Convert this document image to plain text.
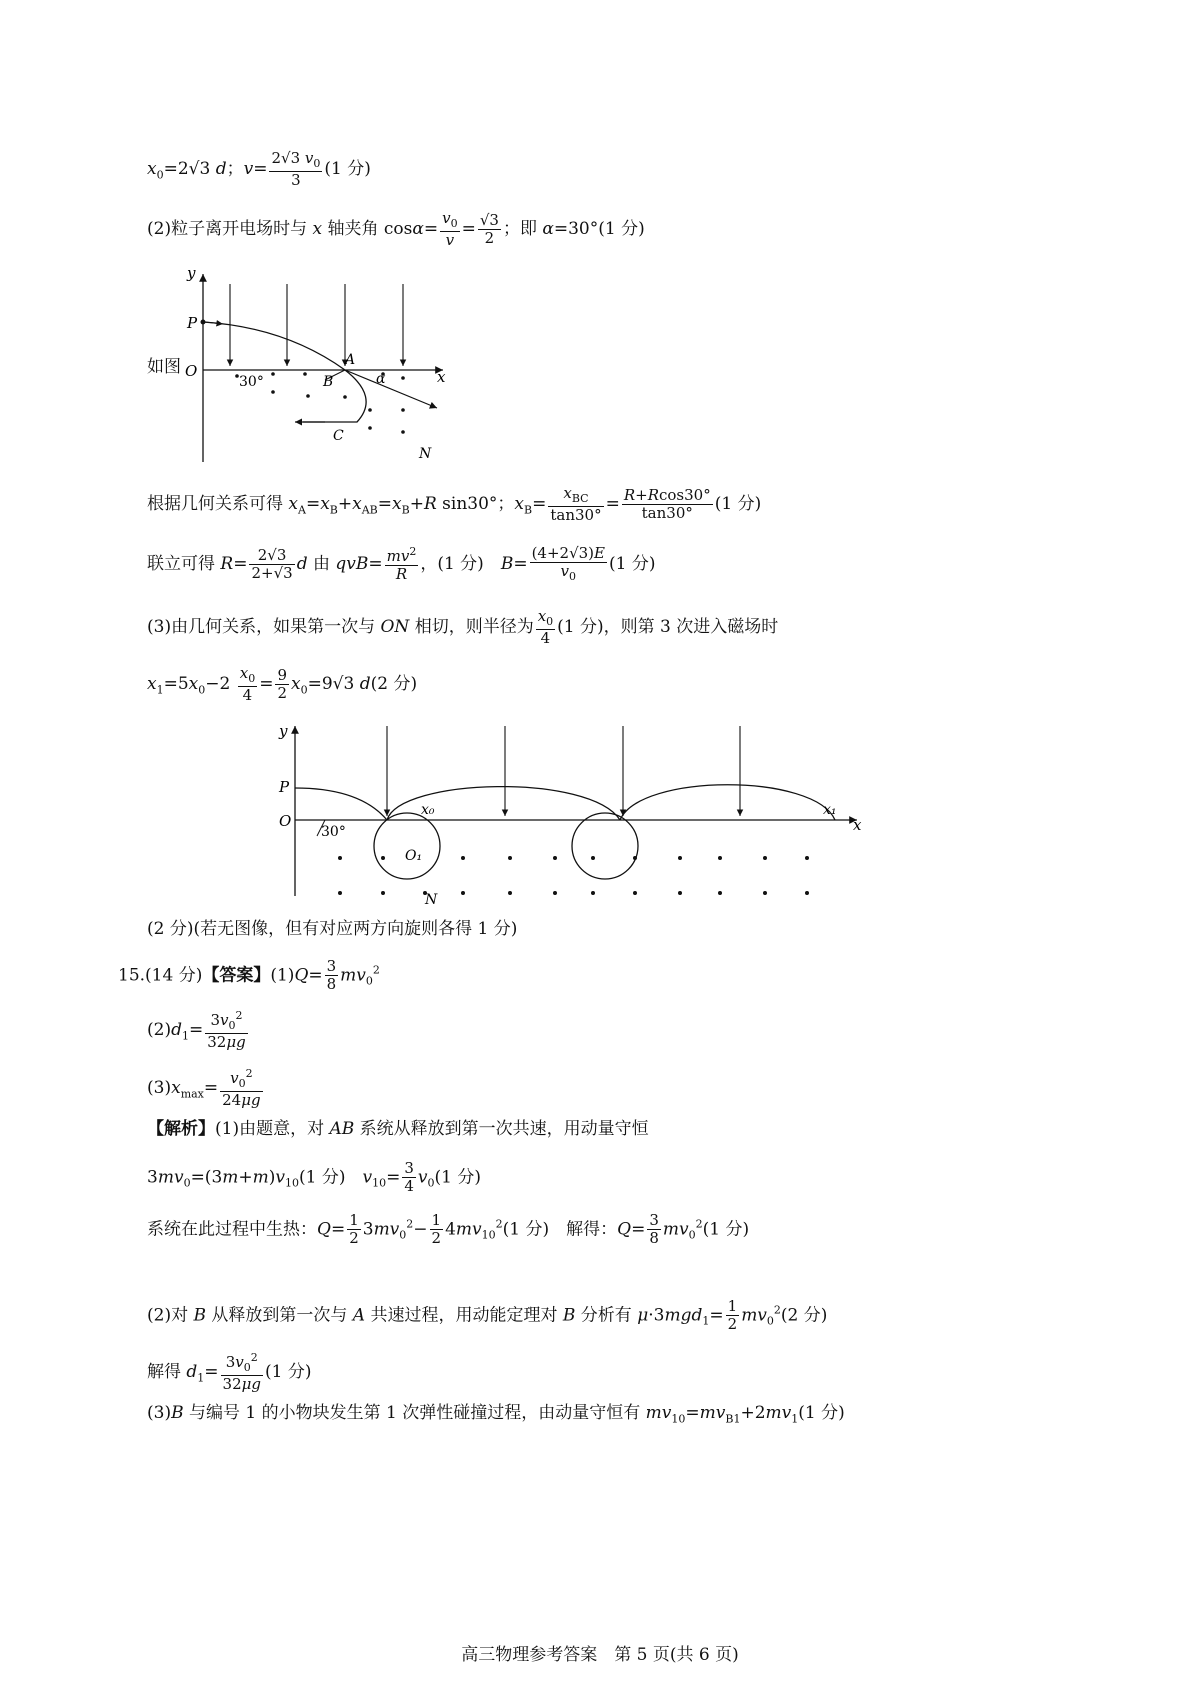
$x_0=2√3$ d；$v= \frac{2√3 v_0}{3} (1$ 分)
(2)粒子离开电场时与 x 轴夹角 $\cos\alpha= \frac{v_0}{v} = \frac{√3}{2}$ ；即 α=30°(1 分)
如图
y
P
O	x
A
B
C
N
α
30°
根据几何关系可得 $x_A=x_B+x_{AB}=x_B+R$ sin30°；$x_B= \frac{x_{BC}}{\tan 30^\circ} = \frac{R+Rcos30^\circ}{\tan 30^\circ} (1$ 分)
联立可得 $R= \frac{2√3}{2+√3}$ d 由 $qvB= \frac{mv^2}{R}$ ，(1 分)　$B= \frac{(4+2√3)E}{v_0} (1$ 分)
(3)由几何关系，如果第一次与 ON 相切，则半径为 $\frac{x_0}{4} (1$ 分)，则第 3 次进入磁场时
$x_1=5x_0-2 \frac{x_0}{4} = \frac{9}{2} x_0=9√3$ d(2 分)
y
P
O	x
x₀	x₁
O₁
N
30°
(2 分)(若无图像，但有对应两方向旋则各得 1 分)
15.(14 分)【答案】$(1)Q= \frac{3}{8} mv_0^2$
$(2)d_1= \frac{3v_0^2}{32\mu g}$
$(3)x_{max}= \frac{v_0^2}{24\mu g}$
【解析】(1)由题意，对 AB 系统从释放到第一次共速，用动量守恒
$3mv_0=(3m+m)v_{10}(1$ 分)　$v_{10}= \frac{3}{4} v_0(1$ 分)
系统在此过程中生热：$Q= \frac{1}{2} 3mv_0^2- \frac{1}{2} 4mv_{10}^2(1$ 分)　解得：$Q= \frac{3}{8} mv_0^2(1$ 分)
(2)对 B 从释放到第一次与 A 共速过程，用动能定理对 B 分析有 $\mu\cdot 3mgd_1= \frac{1}{2} mv_0^2(2$ 分)
解得 $d_1= \frac{3v_0^2}{32\mu g} (1$ 分)
(3)B 与编号 1 的小物块发生第 1 次弹性碰撞过程，由动量守恒有 $mv_{10}=mv_{B1}+2mv_1(1$ 分)
高三物理参考答案　第 5 页(共 6 页)
